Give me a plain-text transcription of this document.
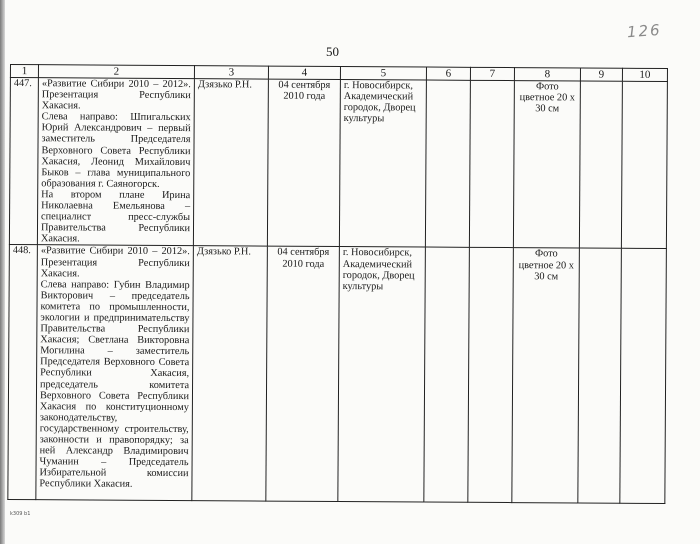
126
50
1	2	3	4	5	6	7	8	9	10
447.	«Развитие Сибири 2010 – 2012». Презентация Республики Хакасия.
Слева направо: Шпигальских Юрий Александрович – первый заместитель Председателя Верховного Совета Республики Хакасия, Леонид Михайлович Быков – глава муниципального образования г. Саяногорск.
На втором плане Ирина Николаевна Емельянова – специалист пресс-службы Правительства Республики Хакасия.	Дзязько Р.Н.	04 сентября 2010 года	г. Новосибирск, Академический городок, Дворец культуры			Фото цветное 20 х 30 см		
448.	«Развитие Сибири 2010 – 2012». Презентация Республики Хакасия.
Слева направо: Губин Владимир Викторович – председатель комитета по промышленности, экологии и предпринимательству Правительства Республики Хакасия; Светлана Викторовна Могилина – заместитель Председателя Верховного Совета Республики Хакасия, председатель комитета Верховного Совета Республики Хакасия по конституционному законодательству, государственному строительству, законности и правопорядку; за ней Александр Владимирович Чуманин – Председатель Избирательной комиссии Республики Хакасия.	Дзязько Р.Н.	04 сентября 2010 года	г. Новосибирск, Академический городок, Дворец культуры			Фото цветное 20 х 30 см		
k309 b1
